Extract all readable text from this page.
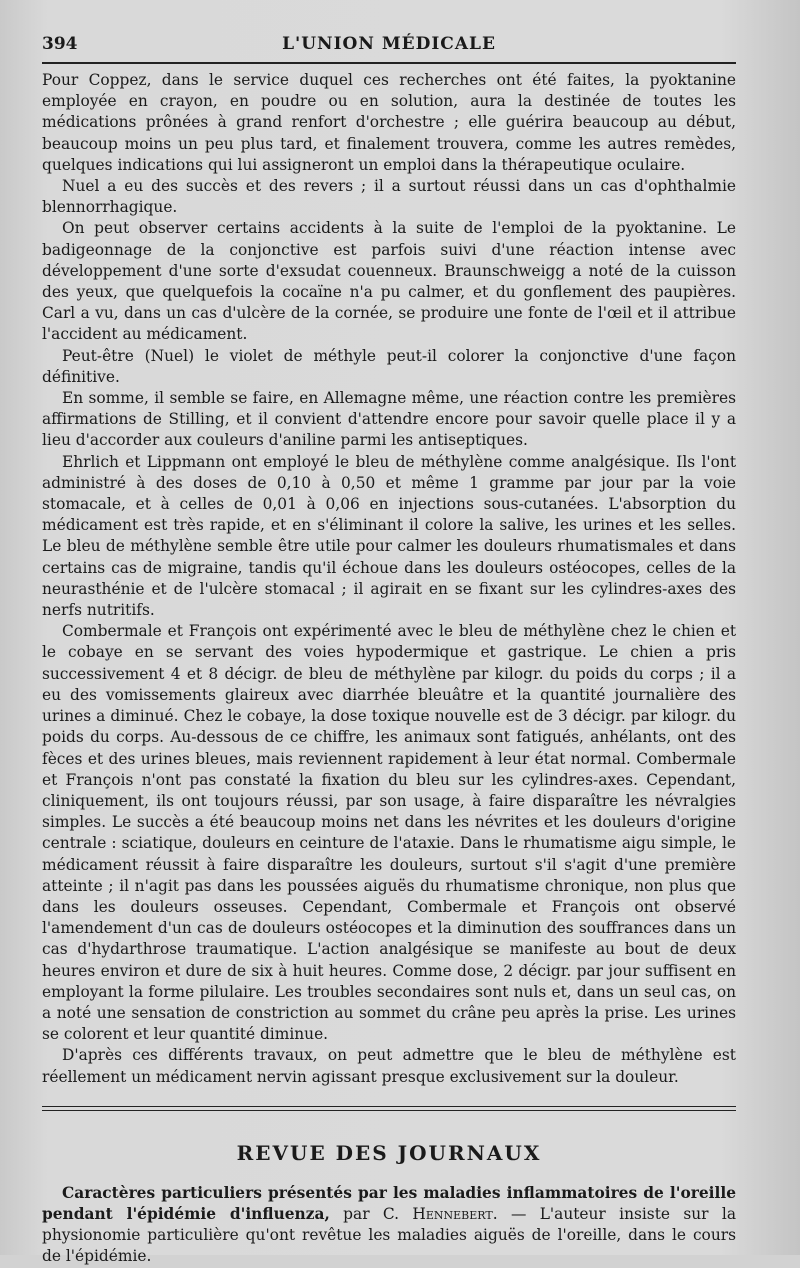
394	L'UNION MÉDICALE

Pour Coppez, dans le service duquel ces recherches ont été faites, la pyoktanine employée en crayon, en poudre ou en solution, aura la destinée de toutes les médications prônées à grand renfort d'orchestre ; elle guérira beaucoup au début, beaucoup moins un peu plus tard, et finalement trouvera, comme les autres remèdes, quelques indications qui lui assigneront un emploi dans la thérapeutique oculaire.

Nuel a eu des succès et des revers ; il a surtout réussi dans un cas d'ophthalmie blennorrhagique.

On peut observer certains accidents à la suite de l'emploi de la pyoktanine. Le badigeonnage de la conjonctive est parfois suivi d'une réaction intense avec développement d'une sorte d'exsudat couenneux. Braunschweigg a noté de la cuisson des yeux, que quelquefois la cocaïne n'a pu calmer, et du gonflement des paupières. Carl a vu, dans un cas d'ulcère de la cornée, se produire une fonte de l'œil et il attribue l'accident au médicament.

Peut-être (Nuel) le violet de méthyle peut-il colorer la conjonctive d'une façon définitive.

En somme, il semble se faire, en Allemagne même, une réaction contre les premières affirmations de Stilling, et il convient d'attendre encore pour savoir quelle place il y a lieu d'accorder aux couleurs d'aniline parmi les antiseptiques.

Ehrlich et Lippmann ont employé le bleu de méthylène comme analgésique. Ils l'ont administré à des doses de 0,10 à 0,50 et même 1 gramme par jour par la voie stomacale, et à celles de 0,01 à 0,06 en injections sous-cutanées. L'absorption du médicament est très rapide, et en s'éliminant il colore la salive, les urines et les selles. Le bleu de méthylène semble être utile pour calmer les douleurs rhumatismales et dans certains cas de migraine, tandis qu'il échoue dans les douleurs ostéocopes, celles de la neurasthénie et de l'ulcère stomacal ; il agirait en se fixant sur les cylindres-axes des nerfs nutritifs.

Combermale et François ont expérimenté avec le bleu de méthylène chez le chien et le cobaye en se servant des voies hypodermique et gastrique. Le chien a pris successivement 4 et 8 décigr. de bleu de méthylène par kilogr. du poids du corps ; il a eu des vomissements glaireux avec diarrhée bleuâtre et la quantité journalière des urines a diminué. Chez le cobaye, la dose toxique nouvelle est de 3 décigr. par kilogr. du poids du corps. Au-dessous de ce chiffre, les animaux sont fatigués, anhélants, ont des fèces et des urines bleues, mais reviennent rapidement à leur état normal. Combermale et François n'ont pas constaté la fixation du bleu sur les cylindres-axes. Cependant, cliniquement, ils ont toujours réussi, par son usage, à faire disparaître les névralgies simples. Le succès a été beaucoup moins net dans les névrites et les douleurs d'origine centrale : sciatique, douleurs en ceinture de l'ataxie. Dans le rhumatisme aigu simple, le médicament réussit à faire disparaître les douleurs, surtout s'il s'agit d'une première atteinte ; il n'agit pas dans les poussées aiguës du rhumatisme chronique, non plus que dans les douleurs osseuses. Cependant, Combermale et François ont observé l'amendement d'un cas de douleurs ostéocopes et la diminution des souffrances dans un cas d'hydarthrose traumatique. L'action analgésique se manifeste au bout de deux heures environ et dure de six à huit heures. Comme dose, 2 décigr. par jour suffisent en employant la forme pilulaire. Les troubles secondaires sont nuls et, dans un seul cas, on a noté une sensation de constriction au sommet du crâne peu après la prise. Les urines se colorent et leur quantité diminue.

D'après ces différents travaux, on peut admettre que le bleu de méthylène est réellement un médicament nervin agissant presque exclusivement sur la douleur.

REVUE DES JOURNAUX

Caractères particuliers présentés par les maladies inflammatoires de l'oreille pendant l'épidémie d'influenza, par C. Hennebert. — L'auteur insiste sur la physionomie particulière qu'ont revêtue les maladies aiguës de l'oreille, dans le cours de l'épidémie.
